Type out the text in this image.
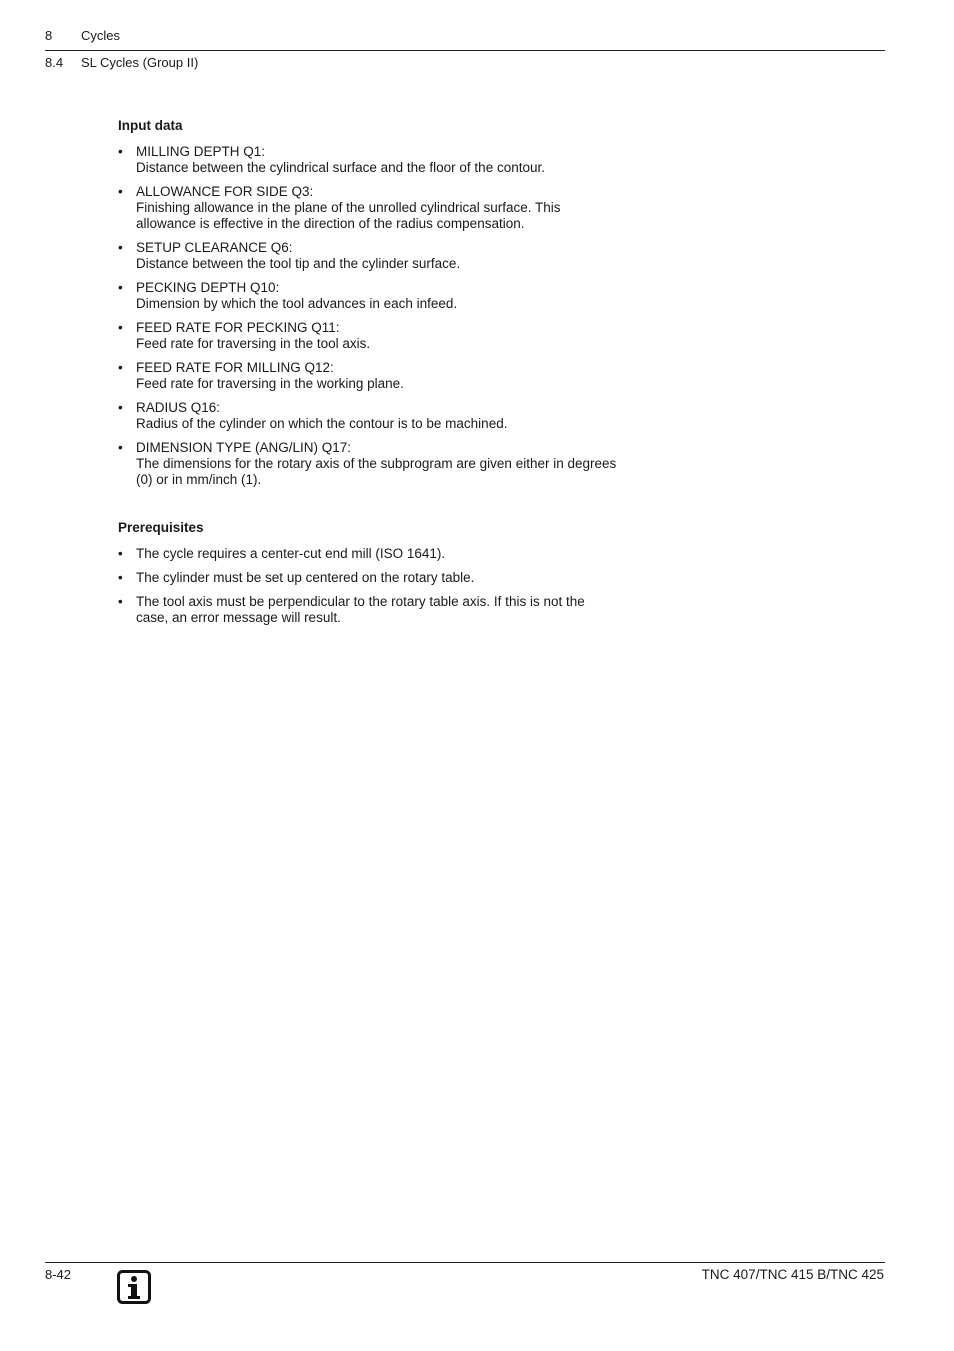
8 Cycles
8.4 SL Cycles (Group II)

Input data

• MILLING DEPTH Q1:
Distance between the cylindrical surface and the floor of the contour.
• ALLOWANCE FOR SIDE Q3:
Finishing allowance in the plane of the unrolled cylindrical surface. This allowance is effective in the direction of the radius compensation.
• SETUP CLEARANCE Q6:
Distance between the tool tip and the cylinder surface.
• PECKING DEPTH Q10:
Dimension by which the tool advances in each infeed.
• FEED RATE FOR PECKING Q11:
Feed rate for traversing in the tool axis.
• FEED RATE FOR MILLING Q12:
Feed rate for traversing in the working plane.
• RADIUS Q16:
Radius of the cylinder on which the contour is to be machined.
• DIMENSION TYPE (ANG/LIN) Q17:
The dimensions for the rotary axis of the subprogram are given either in degrees (0) or in mm/inch (1).

Prerequisites

• The cycle requires a center-cut end mill (ISO 1641).
• The cylinder must be set up centered on the rotary table.
• The tool axis must be perpendicular to the rotary table axis. If this is not the case, an error message will result.
8-42	TNC 407/TNC 415 B/TNC 425
